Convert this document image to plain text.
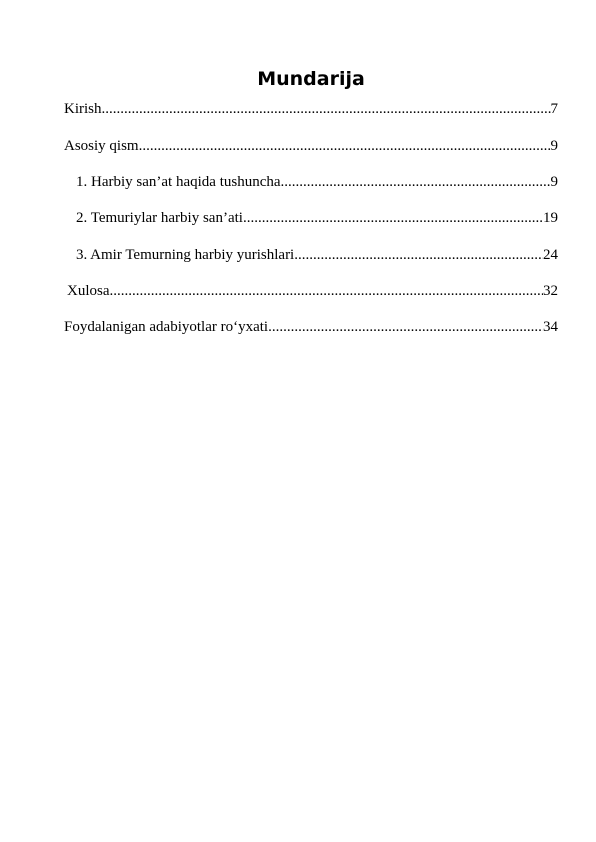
Mundarija
Kirish .....	7
Asosiy qism .....	9
1. Harbiy san’at haqida tushuncha .....	9
2. Temuriylar harbiy san’ati .....	19
3. Amir Temurning harbiy yurishlari .....	24
Xulosa .....	32
Foydalanigan adabiyotlar ro‘yxati .....	34
